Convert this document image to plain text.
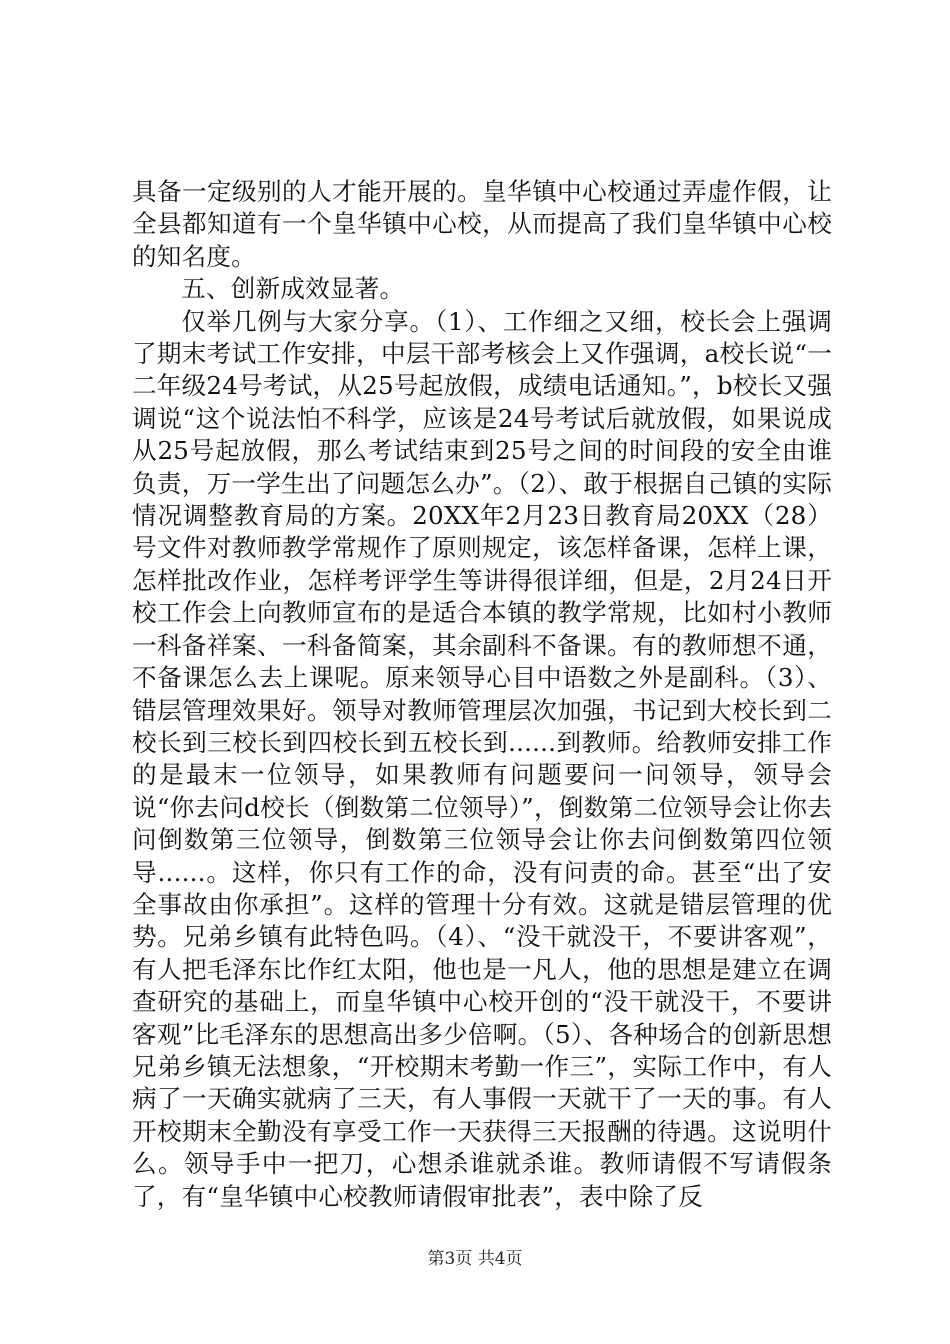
具备一定级别的人才能开展的。皇华镇中心校通过弄虚作假，让全县都知道有一个皇华镇中心校，从而提高了我们皇华镇中心校的知名度。

五、创新成效显著。

仅举几例与大家分享。（1）、工作细之又细，校长会上强调了期末考试工作安排，中层干部考核会上又作强调，a校长说“一二年级24号考试，从25号起放假，成绩电话通知。”，b校长又强调说“这个说法怕不科学，应该是24号考试后就放假，如果说成从25号起放假，那么考试结束到25号之间的时间段的安全由谁负责，万一学生出了问题怎么办”。（2）、敢于根据自己镇的实际情况调整教育局的方案。20XX年2月23日教育局20XX（28）号文件对教师教学常规作了原则规定，该怎样备课，怎样上课，怎样批改作业，怎样考评学生等讲得很详细，但是，2月24日开校工作会上向教师宣布的是适合本镇的教学常规，比如村小教师一科备祥案、一科备简案，其余副科不备课。有的教师想不通，不备课怎么去上课呢。原来领导心目中语数之外是副科。（3）、错层管理效果好。领导对教师管理层次加强，书记到大校长到二校长到三校长到四校长到五校长到......到教师。给教师安排工作的是最末一位领导，如果教师有问题要问一问领导，领导会说“你去问d校长（倒数第二位领导）”，倒数第二位领导会让你去问倒数第三位领导，倒数第三位领导会让你去问倒数第四位领导......。这样，你只有工作的命，没有问责的命。甚至“出了安全事故由你承担”。这样的管理十分有效。这就是错层管理的优势。兄弟乡镇有此特色吗。（4）、“没干就没干，不要讲客观”，有人把毛泽东比作红太阳，他也是一凡人，他的思想是建立在调查研究的基础上，而皇华镇中心校开创的“没干就没干，不要讲客观”比毛泽东的思想高出多少倍啊。（5）、各种场合的创新思想兄弟乡镇无法想象，“开校期末考勤一作三”，实际工作中，有人病了一天确实就病了三天，有人事假一天就干了一天的事。有人开校期末全勤没有享受工作一天获得三天报酬的待遇。这说明什么。领导手中一把刀，心想杀谁就杀谁。教师请假不写请假条了，有“皇华镇中心校教师请假审批表”，表中除了反

第3页 共4页
